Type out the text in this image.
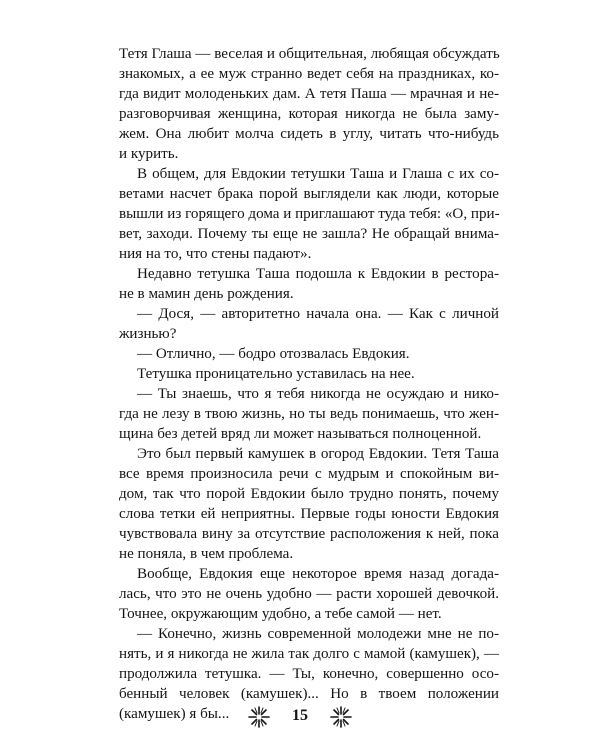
Тетя Глаша — веселая и общительная, любящая обсуждать
знакомых, а ее муж странно ведет себя на праздниках, ко-
гда видит молоденьких дам. А тетя Паша — мрачная и не-
разговорчивая женщина, которая никогда не была заму-
жем. Она любит молча сидеть в углу, читать что-нибудь
и курить.
В общем, для Евдокии тетушки Таша и Глаша с их со-
ветами насчет брака порой выглядели как люди, которые
вышли из горящего дома и приглашают туда тебя: «О, при-
вет, заходи. Почему ты еще не зашла? Не обращай внима-
ния на то, что стены падают».
Недавно тетушка Таша подошла к Евдокии в рестора-
не в мамин день рождения.
— Дося, — авторитетно начала она. — Как с личной
жизнью?
— Отлично, — бодро отозвалась Евдокия.
Тетушка проницательно уставилась на нее.
— Ты знаешь, что я тебя никогда не осуждаю и нико-
гда не лезу в твою жизнь, но ты ведь понимаешь, что жен-
щина без детей вряд ли может называться полноценной.
Это был первый камушек в огород Евдокии. Тетя Таша
все время произносила речи с мудрым и спокойным ви-
дом, так что порой Евдокии было трудно понять, почему
слова тетки ей неприятны. Первые годы юности Евдокия
чувствовала вину за отсутствие расположения к ней, пока
не поняла, в чем проблема.
Вообще, Евдокия еще некоторое время назад догада-
лась, что это не очень удобно — расти хорошей девочкой.
Точнее, окружающим удобно, а тебе самой — нет.
— Конечно, жизнь современной молодежи мне не по-
нять, и я никогда не жила так долго с мамой (камушек), —
продолжила тетушка. — Ты, конечно, совершенно осо-
бенный человек (камушек)... Но в твоем положении
(камушек) я бы...	15
